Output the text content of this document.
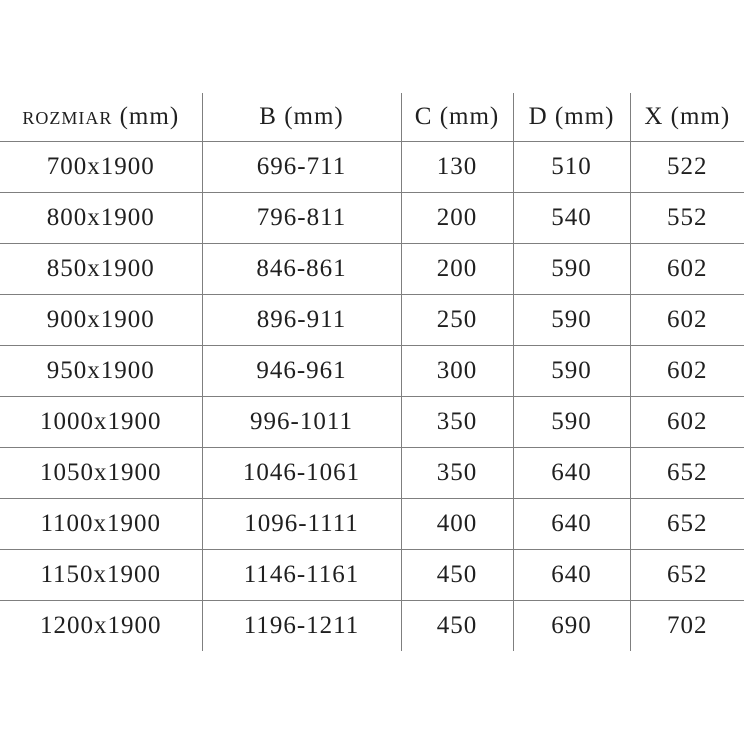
ROZMIAR (mm)	B (mm)	C (mm)	D (mm)	X (mm)
700x1900	696-711	130	510	522
800x1900	796-811	200	540	552
850x1900	846-861	200	590	602
900x1900	896-911	250	590	602
950x1900	946-961	300	590	602
1000x1900	996-1011	350	590	602
1050x1900	1046-1061	350	640	652
1100x1900	1096-1111	400	640	652
1150x1900	1146-1161	450	640	652
1200x1900	1196-1211	450	690	702
